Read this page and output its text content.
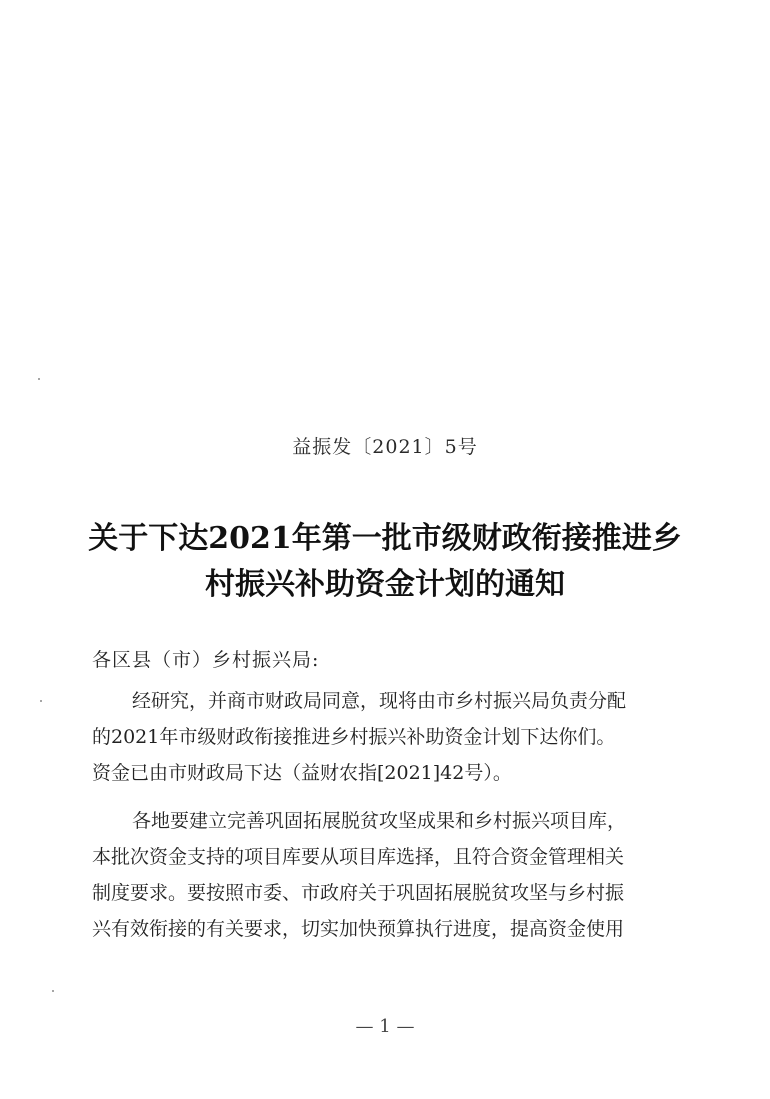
益振发〔2021〕5号
关于下达2021年第一批市级财政衔接推进乡
村振兴补助资金计划的通知
各区县（市）乡村振兴局:
经研究，并商市财政局同意，现将由市乡村振兴局负责分配
的2021年市级财政衔接推进乡村振兴补助资金计划下达你们。
资金已由市财政局下达（益财农指[2021]42号）。
各地要建立完善巩固拓展脱贫攻坚成果和乡村振兴项目库，
本批次资金支持的项目库要从项目库选择，且符合资金管理相关
制度要求。要按照市委、市政府关于巩固拓展脱贫攻坚与乡村振
兴有效衔接的有关要求，切实加快预算执行进度，提高资金使用
— 1 —
